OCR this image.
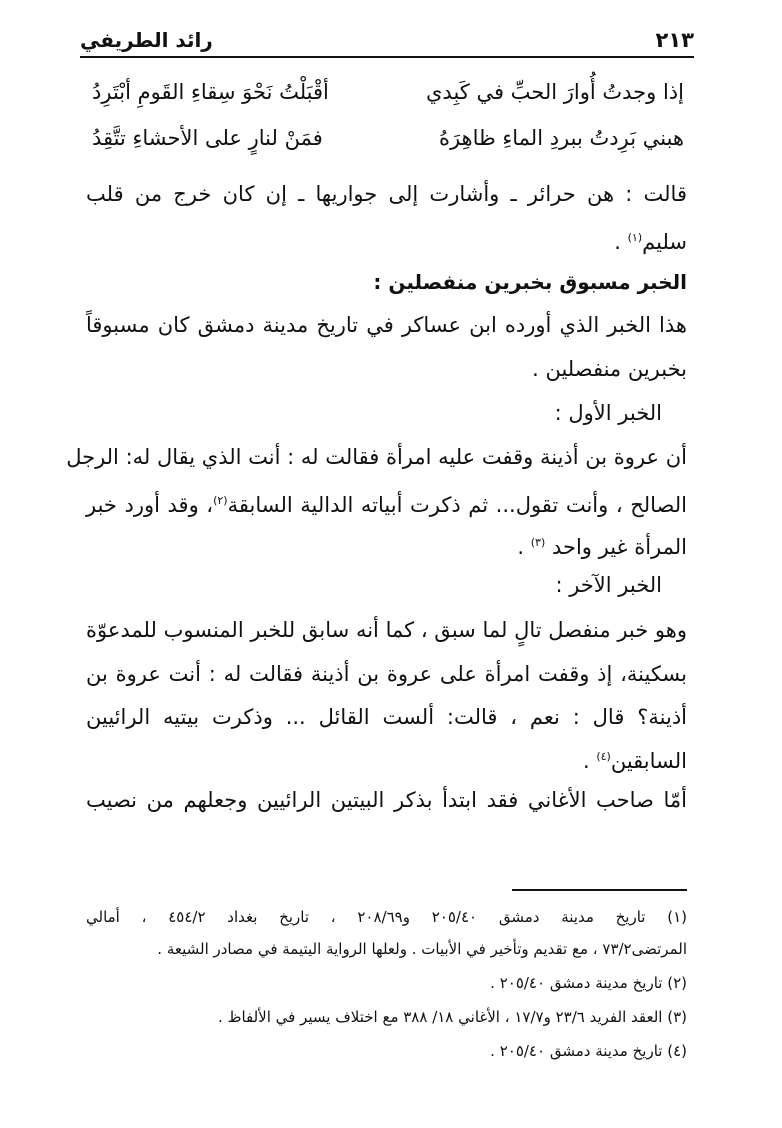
٢١٣
رائد الطريفي
إذا وجدتُ أُوارَ الحبِّ في كَبِدي
أقْبَلْتُ نَحْوَ سِقاءِ القَومِ أبْتَرِدُ
هبني بَرِدتُ ببردِ الماءِ ظاهِرَهُ
فمَنْ لنارٍ على الأحشاءِ تتَّقِدُ
قالت : هن حرائر ـ وأشارت إلى جواريها ـ إن كان خرج من قلب
سليم$^{(١)}$ .
الخبر مسبوق بخبرين منفصلين :
هذا الخبر الذي أورده ابن عساكر في تاريخ مدينة دمشق كان مسبوقاً
بخبرين منفصلين .
الخبر الأول :
أن عروة بن أذينة وقفت عليه امرأة فقالت له : أنت الذي يقال له: الرجل
الصالح ، وأنت تقول... ثم ذكرت أبياته الدالية السابقة$^{(٢)}$، وقد أورد خبر
المرأة غير واحد $^{(٣)}$ .
الخبر الآخر :
وهو خبر منفصل تالٍ لما سبق ، كما أنه سابق للخبر المنسوب للمدعوّة
بسكينة، إذ وقفت امرأة على عروة بن أذينة فقالت له : أنت عروة بن
أذينة؟ قال : نعم ، قالت: ألست القائل ... وذكرت بيتيه الرائيين
السابقين$^{(٤)}$ .
أمّا صاحب الأغاني فقد ابتدأ بذكر البيتين الرائيين وجعلهم من نصيب
(١) تاريخ مدينة دمشق ٢٠٥/٤٠ و٢٠٨/٦٩ ، تاريخ بغداد ٤٥٤/٢ ، أمالي
المرتضى٧٣/٢ ، مع تقديم وتأخير في الأبيات . ولعلها الرواية اليتيمة في مصادر الشيعة .
(٢) تاريخ مدينة دمشق ٢٠٥/٤٠ .
(٣) العقد الفريد ٢٣/٦ و١٧/٧ ، الأغاني ١٨/ ٣٨٨ مع اختلاف يسير في الألفاظ .
(٤) تاريخ مدينة دمشق ٢٠٥/٤٠ .
